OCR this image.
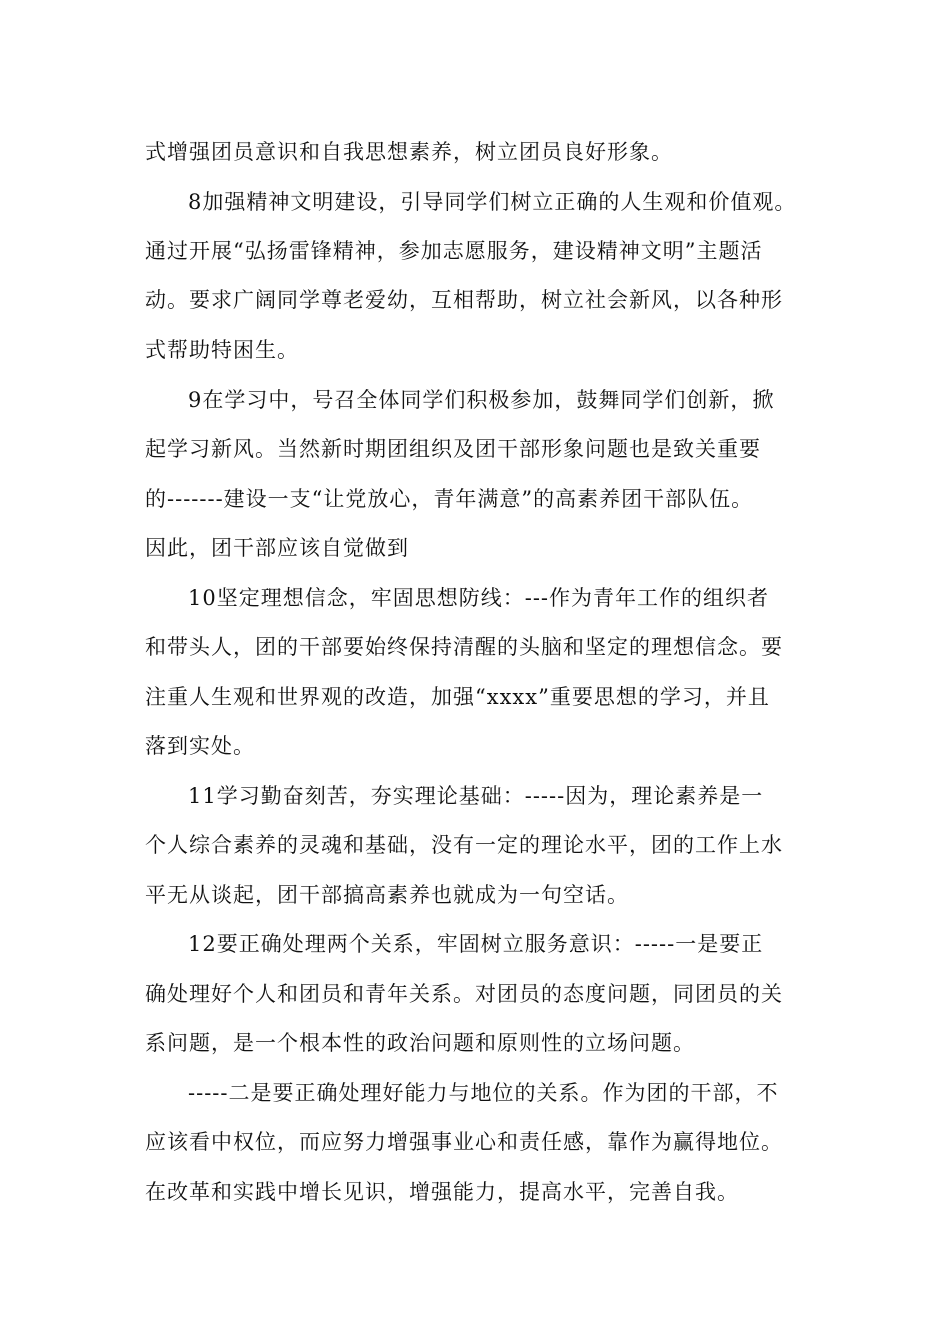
式增强团员意识和自我思想素养，树立团员良好形象。
8加强精神文明建设，引导同学们树立正确的人生观和价值观。
通过开展“弘扬雷锋精神，参加志愿服务，建设精神文明”主题活
动。要求广阔同学尊老爱幼，互相帮助，树立社会新风，以各种形
式帮助特困生。
9在学习中，号召全体同学们积极参加，鼓舞同学们创新，掀
起学习新风。当然新时期团组织及团干部形象问题也是致关重要
的-------建设一支“让党放心，青年满意”的高素养团干部队伍。
因此，团干部应该自觉做到
10坚定理想信念，牢固思想防线：---作为青年工作的组织者
和带头人，团的干部要始终保持清醒的头脑和坚定的理想信念。要
注重人生观和世界观的改造，加强“xxxx”重要思想的学习，并且
落到实处。
11学习勤奋刻苦，夯实理论基础：-----因为，理论素养是一
个人综合素养的灵魂和基础，没有一定的理论水平，团的工作上水
平无从谈起，团干部搞高素养也就成为一句空话。
12要正确处理两个关系，牢固树立服务意识：-----一是要正
确处理好个人和团员和青年关系。对团员的态度问题，同团员的关
系问题，是一个根本性的政治问题和原则性的立场问题。
-----二是要正确处理好能力与地位的关系。作为团的干部，不
应该看中权位，而应努力增强事业心和责任感，靠作为赢得地位。
在改革和实践中增长见识，增强能力，提高水平，完善自我。
